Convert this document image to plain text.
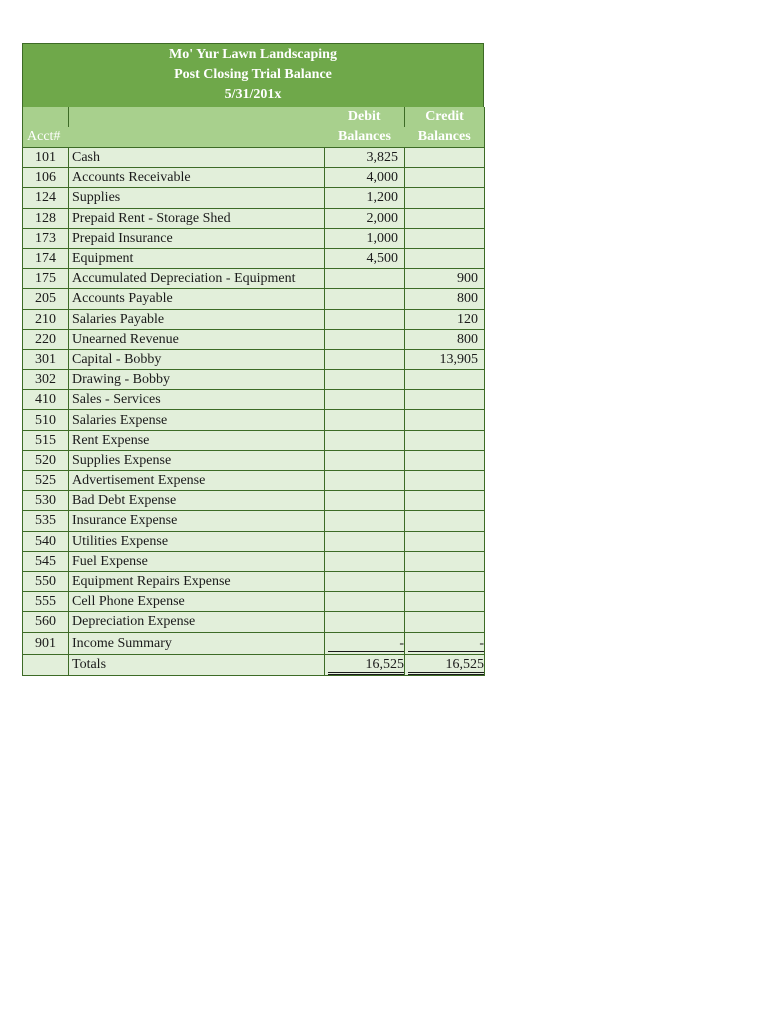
Mo' Yur Lawn Landscaping
Post Closing Trial Balance
5/31/201x
		Debit	Credit
Acct#		Balances	Balances
101	Cash	3,825	
106	Accounts Receivable	4,000	
124	Supplies	1,200	
128	Prepaid Rent - Storage Shed	2,000	
173	Prepaid Insurance	1,000	
174	Equipment	4,500	
175	Accumulated Depreciation - Equipment		900
205	Accounts Payable		800
210	Salaries Payable		120
220	Unearned Revenue		800
301	Capital - Bobby		13,905
302	Drawing - Bobby		
410	Sales - Services		
510	Salaries Expense		
515	Rent Expense		
520	Supplies Expense		
525	Advertisement Expense		
530	Bad Debt Expense		
535	Insurance Expense		
540	Utilities Expense		
545	Fuel Expense		
550	Equipment Repairs Expense		
555	Cell Phone Expense		
560	Depreciation Expense		
901	Income Summary	-	-
	Totals	16,525	16,525
